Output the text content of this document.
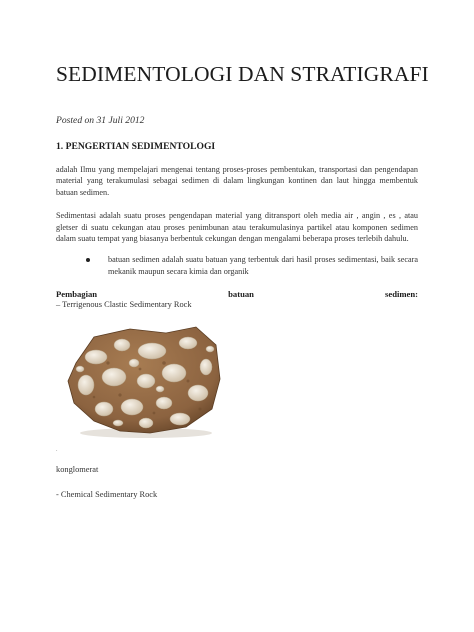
SEDIMENTOLOGI DAN STRATIGRAFI

Posted on 31 Juli 2012

1. PENGERTIAN SEDIMENTOLOGI

adalah Ilmu yang mempelajari mengenai tentang proses-proses pembentukan, transportasi dan pengendapan material yang terakumulasi sebagai sedimen di dalam lingkungan kontinen dan laut hingga membentuk batuan sedimen.

Sedimentasi adalah suatu proses pengendapan material yang ditransport oleh media air , angin , es , atau gletser di suatu cekungan atau proses penimbunan atau terakumulasinya partikel atau komponen sedimen dalam suatu tempat yang biasanya berbentuk cekungan dengan mengalami beberapa proses terlebih dahulu.

batuan sedimen adalah suatu batuan yang terbentuk dari hasil proses sedimentasi, baik secara mekanik maupun secara kimia dan organik
Pembagian	batuan	sedimen:

– Terrigenous Clastic Sedimentary Rock

.

konglomerat

- Chemical Sedimentary Rock
